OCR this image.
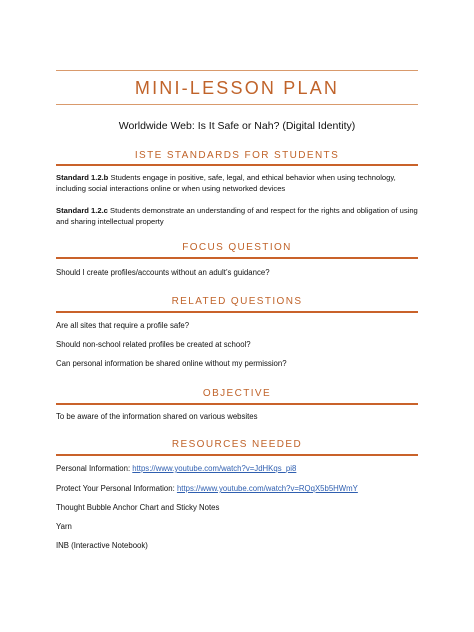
MINI-LESSON PLAN
Worldwide Web: Is It Safe or Nah? (Digital Identity)
ISTE STANDARDS FOR STUDENTS
Standard 1.2.b Students engage in positive, safe, legal, and ethical behavior when using technology, including social interactions online or when using networked devices
Standard 1.2.c Students demonstrate an understanding of and respect for the rights and obligation of using and sharing intellectual property
FOCUS QUESTION
Should I create profiles/accounts without an adult’s guidance?
RELATED QUESTIONS
Are all sites that require a profile safe?
Should non-school related profiles be created at school?
Can personal information be shared online without my permission?
OBJECTIVE
To be aware of the information shared on various websites
RESOURCES NEEDED
Personal Information: https://www.youtube.com/watch?v=JdHKqs_pi8
Protect Your Personal Information: https://www.youtube.com/watch?v=RQqX5b5HWmY
Thought Bubble Anchor Chart and Sticky Notes
Yarn
INB (Interactive Notebook)
